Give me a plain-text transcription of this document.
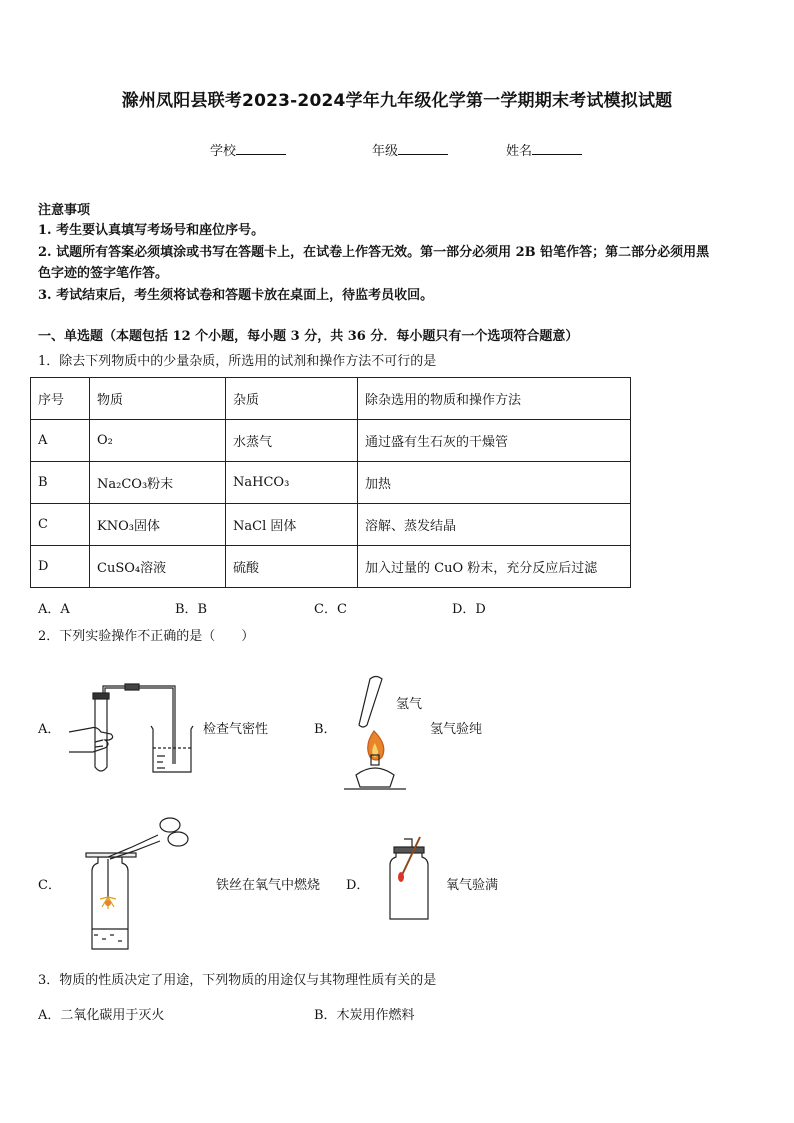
滁州凤阳县联考2023-2024学年九年级化学第一学期期末考试模拟试题
学校	年级	姓名
注意事项
1. 考生要认真填写考场号和座位序号。
2. 试题所有答案必须填涂或书写在答题卡上，在试卷上作答无效。第一部分必须用 2B 铅笔作答；第二部分必须用黑
色字迹的签字笔作答。
3. 考试结束后，考生须将试卷和答题卡放在桌面上，待监考员收回。
一、单选题（本题包括 12 个小题，每小题 3 分，共 36 分．每小题只有一个选项符合题意）
1．除去下列物质中的少量杂质，所选用的试剂和操作方法不可行的是
序号	物质	杂质	除杂选用的物质和操作方法
A	O₂	水蒸气	通过盛有生石灰的干燥管
B	Na₂CO₃粉末	NaHCO₃	加热
C	KNO₃固体	NaCl 固体	溶解、蒸发结晶
D	CuSO₄溶液	硫酸	加入过量的 CuO 粉末，充分反应后过滤
A．A	B．B	C．C	D．D
2．下列实验操作不正确的是（　　）
A．	检查气密性	B．
氢气
氢气验纯
C．	铁丝在氧气中燃烧 D．	氧气验满
3．物质的性质决定了用途，下列物质的用途仅与其物理性质有关的是
A．二氧化碳用于灭火	B．木炭用作燃料
